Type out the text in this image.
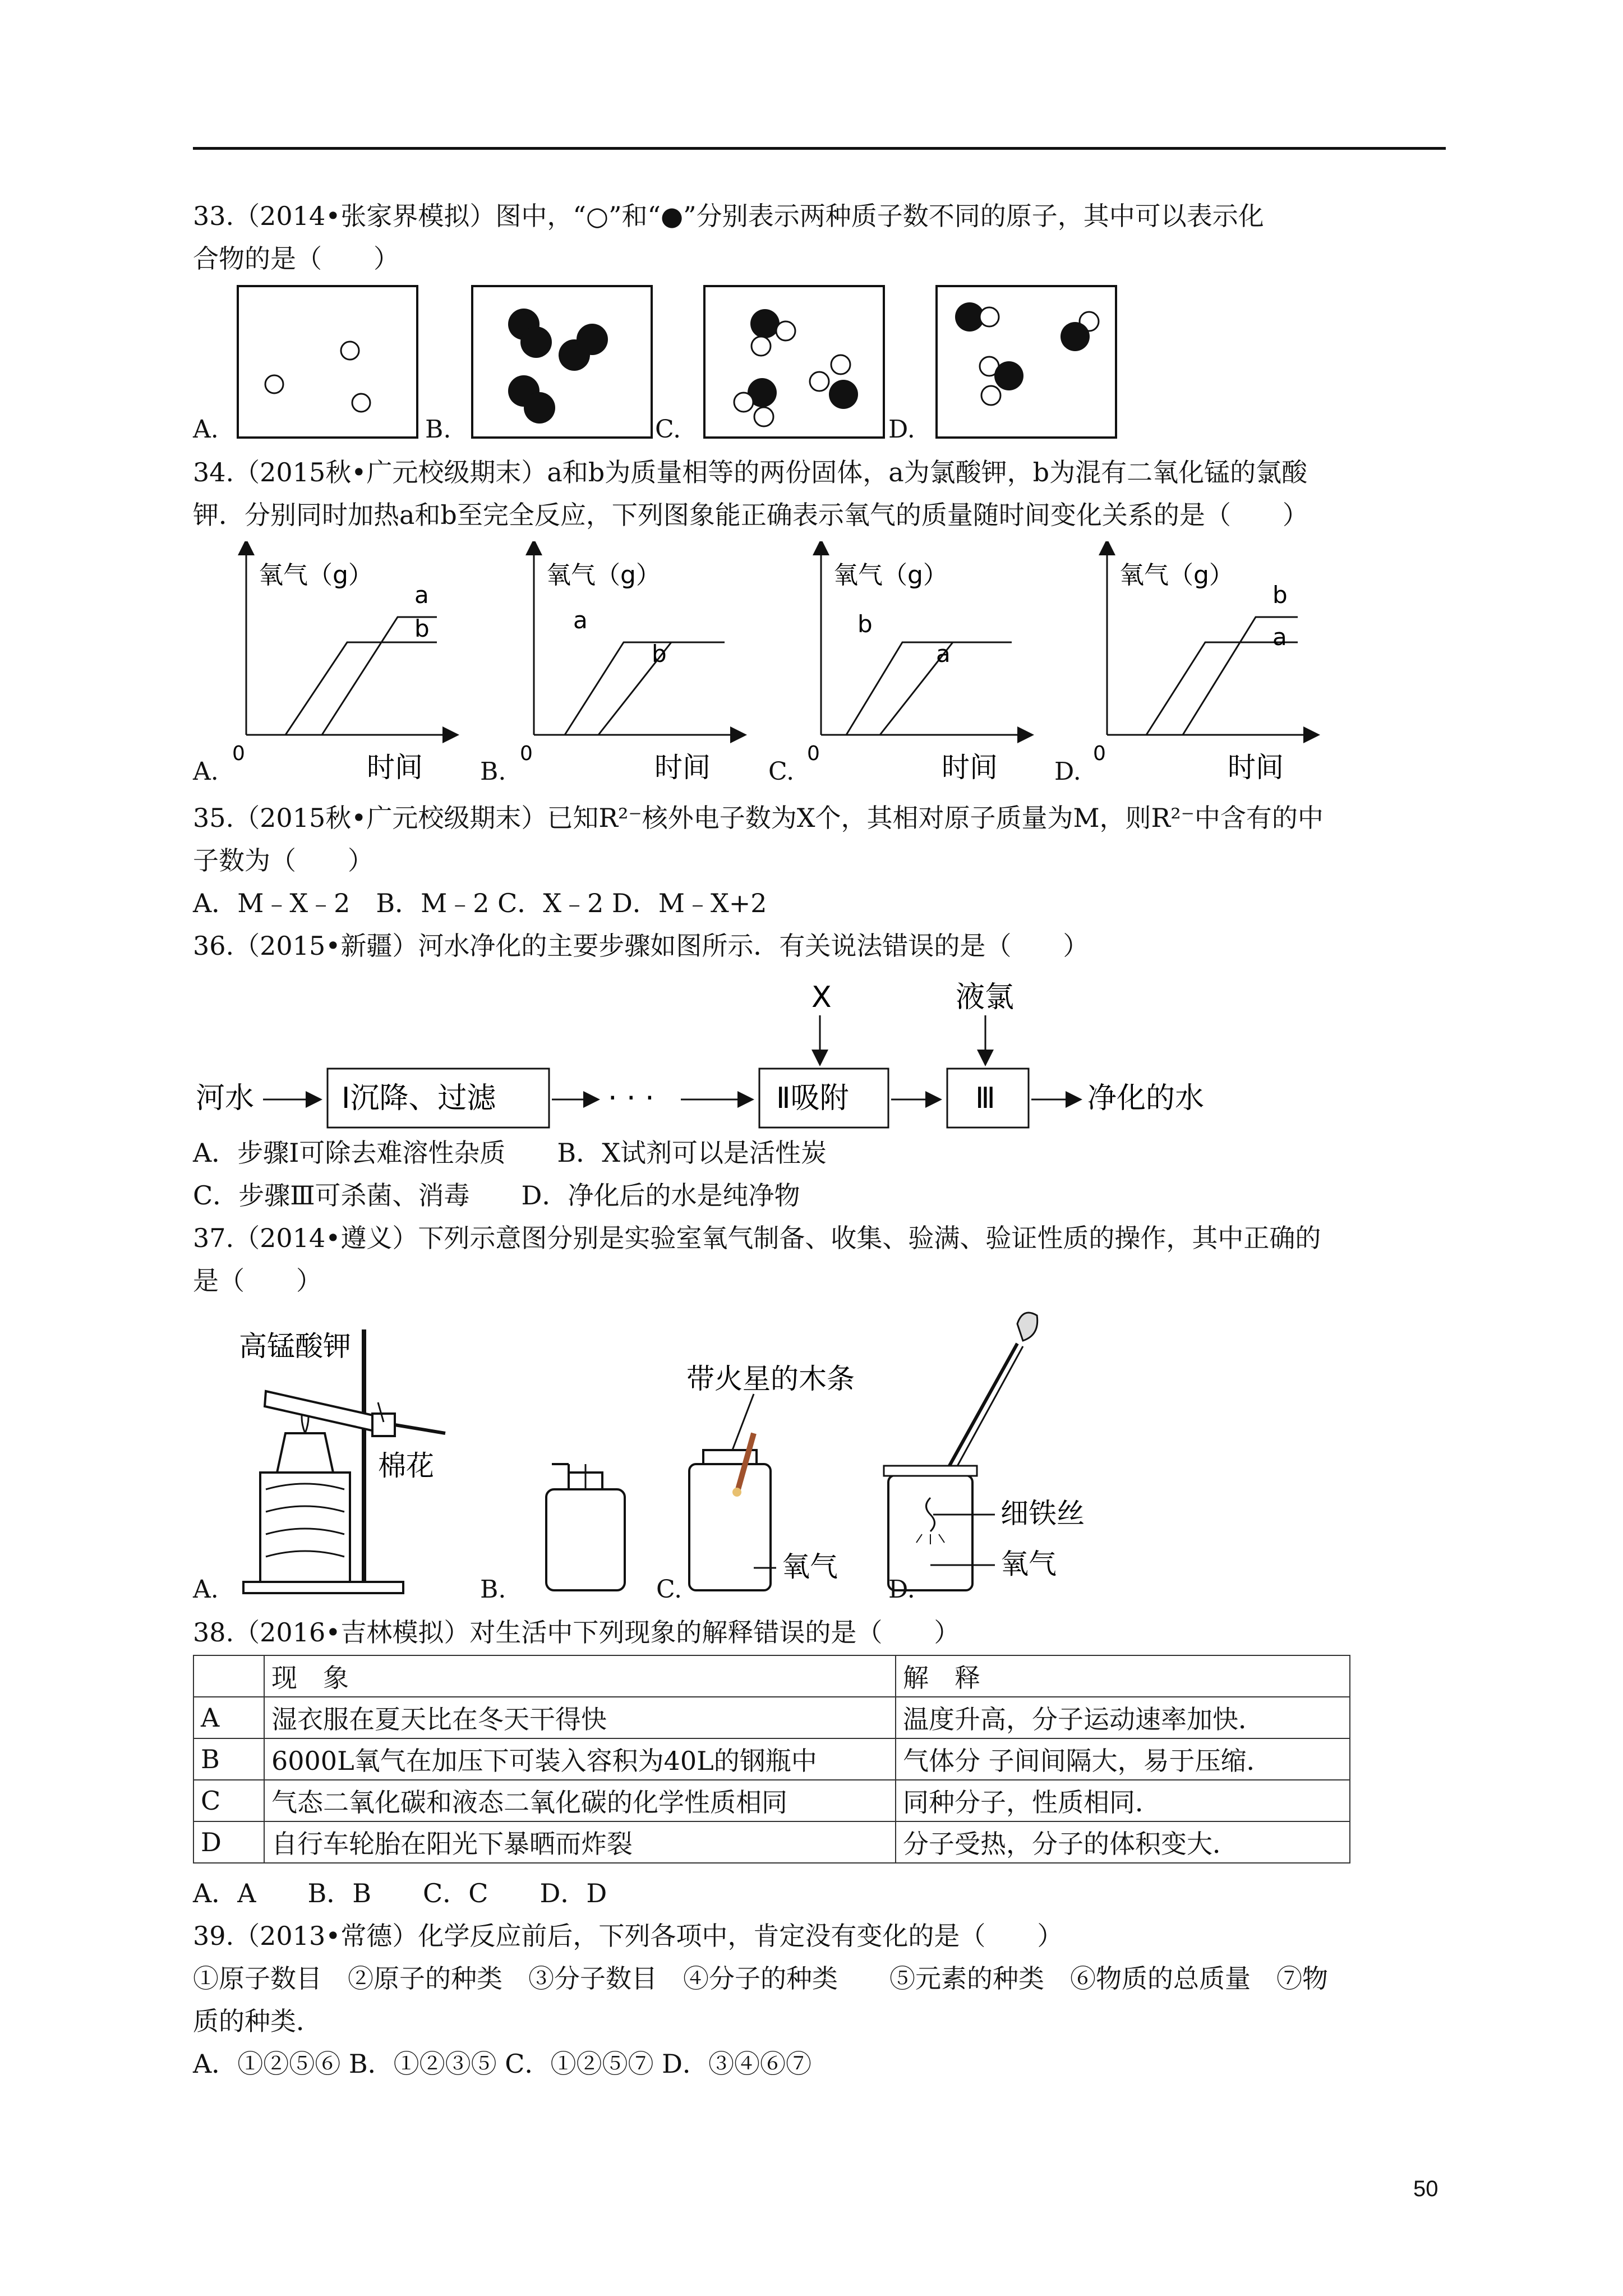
33.（2014•张家界模拟）图中，“○”和“●”分别表示两种质子数不同的原子，其中可以表示化
合物的是（　　）
A.	B.	C.	D.
34.（2015秋•广元校级期末）a和b为质量相等的两份固体，a为氯酸钾，b为混有二氧化锰的氯酸
钾．分别同时加热a和b至完全反应，下列图象能正确表示氧气的质量随时间变化关系的是（　　）
氧气（g）
时间
0
a
b
氧气（g）
时间
0
a
b
氧气（g）
时间
0
b
a
氧气（g）
时间
0
b
a
A.	B.	C.	D.
35.（2015秋•广元校级期末）已知R²⁻核外电子数为X个，其相对原子质量为M，则R²⁻中含有的中
子数为（　　）
A．M﹣X﹣2　B．M﹣2 C．X﹣2 D．M﹣X+2
36.（2015•新疆）河水净化的主要步骤如图所示．有关说法错误的是（　　）
河水	Ⅰ沉降、过滤	· · ·
X
Ⅱ吸附
液氯
Ⅲ	净化的水
A．步骤Ⅰ可除去难溶性杂质　　B．X试剂可以是活性炭
C．步骤Ⅲ可杀菌、消毒　　D．净化后的水是纯净物
37.（2014•遵义）下列示意图分别是实验室氧气制备、收集、验满、验证性质的操作，其中正确的
是（　　）
高锰酸钾
棉花
带火星的木条
氧气
细铁丝
氧气
A.	B.	C.	D.
38.（2016•吉林模拟）对生活中下列现象的解释错误的是（　　）
	现　象	解　释
A	湿衣服在夏天比在冬天干得快	温度升高，分子运动速率加快．
B	6000L氧气在加压下可装入容积为40L的钢瓶中	气体分 子间间隔大，易于压缩．
C	气态二氧化碳和液态二氧化碳的化学性质相同	同种分子，性质相同．
D	自行车轮胎在阳光下暴晒而炸裂	分子受热，分子的体积变大．
A．A　　B．B　　C．C　　D．D
39.（2013•常德）化学反应前后，下列各项中，肯定没有变化的是（　　）
①原子数目　②原子的种类　③分子数目　④分子的种类　　⑤元素的种类　⑥物质的总质量　⑦物
质的种类．
A．①②⑤⑥ B．①②③⑤ C．①②⑤⑦ D．③④⑥⑦
50
